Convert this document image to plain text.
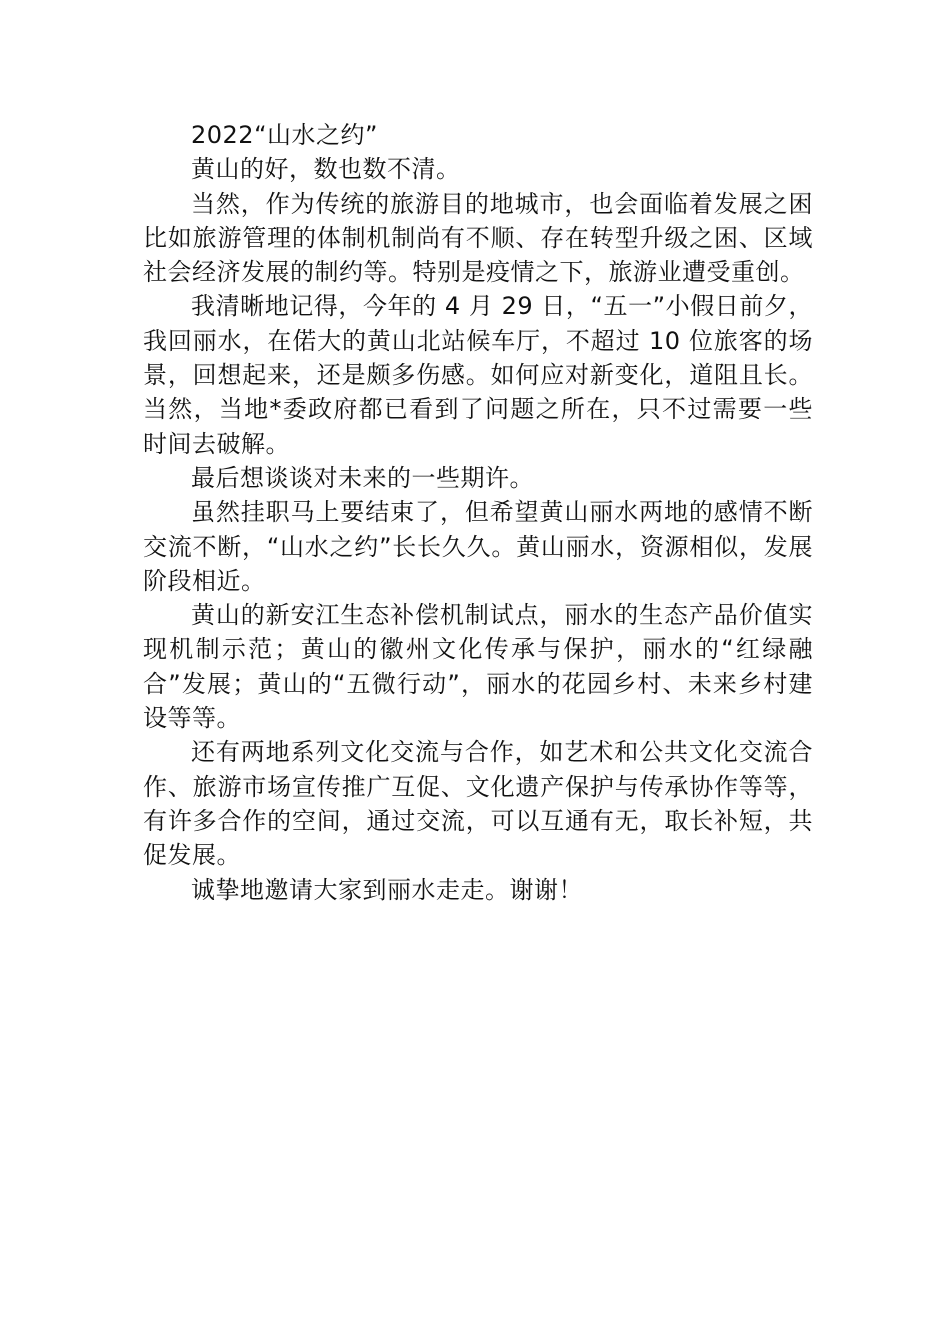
2022“山水之约”

黄山的好，数也数不清。

当然，作为传统的旅游目的地城市，也会面临着发展之困比如旅游管理的体制机制尚有不顺、存在转型升级之困、区域社会经济发展的制约等。特别是疫情之下，旅游业遭受重创。

我清晰地记得，今年的 4 月 29 日，“五一”小假日前夕，我回丽水，在偌大的黄山北站候车厅，不超过 10 位旅客的场景，回想起来，还是颇多伤感。如何应对新变化，道阻且长。当然，当地*委政府都已看到了问题之所在，只不过需要一些时间去破解。

最后想谈谈对未来的一些期许。

虽然挂职马上要结束了，但希望黄山丽水两地的感情不断交流不断，“山水之约”长长久久。黄山丽水，资源相似，发展阶段相近。

黄山的新安江生态补偿机制试点，丽水的生态产品价值实现机制示范；黄山的徽州文化传承与保护，丽水的“红绿融合”发展；黄山的“五微行动”，丽水的花园乡村、未来乡村建设等等。

还有两地系列文化交流与合作，如艺术和公共文化交流合作、旅游市场宣传推广互促、文化遗产保护与传承协作等等，有许多合作的空间，通过交流，可以互通有无，取长补短，共促发展。

诚挚地邀请大家到丽水走走。谢谢！
